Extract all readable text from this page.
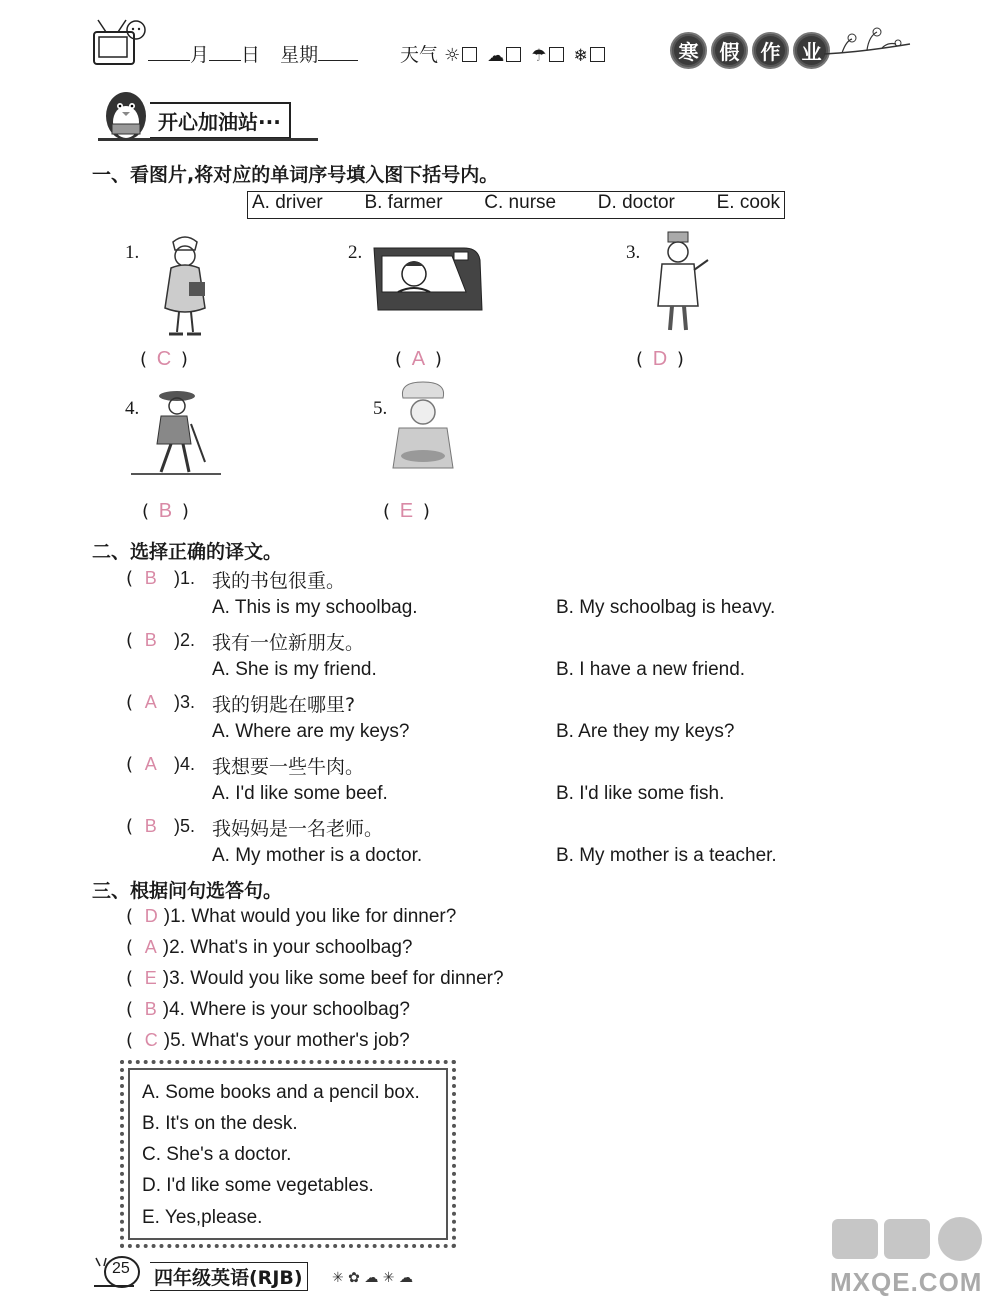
月 日 星期	天气 ☼ ☁ ☂ ❄	寒	假	作	业
开心加油站···
一、看图片,将对应的单词序号填入图下括号内。
A. driver B. farmer C. nurse D. doctor E. cook
1.
( C )
2.
( A )
3.
( D )
4.
( B )
5.
( E )
二、选择正确的译文。
( B )1. 我的书包很重。
A. This is my schoolbag.	B. My schoolbag is heavy.
( B )2. 我有一位新朋友。
A. She is my friend.	B. I have a new friend.
( A )3. 我的钥匙在哪里?
A. Where are my keys?	B. Are they my keys?
( A )4. 我想要一些牛肉。
A. I'd like some beef.	B. I'd like some fish.
( B )5. 我妈妈是一名老师。
A. My mother is a doctor.	B. My mother is a teacher.
三、根据问句选答句。
( D )1. What would you like for dinner?
( A )2. What's in your schoolbag?
( E )3. Would you like some beef for dinner?
( B )4. Where is your schoolbag?
( C )5. What's your mother's job?
A. Some books and a pencil box.
B. It's on the desk.
C. She's a doctor.
D. I'd like some vegetables.
E. Yes,please.
25 四年级英语(RJB)	✳ ✿ ☁ ✳ ☁	MXQE.COM
